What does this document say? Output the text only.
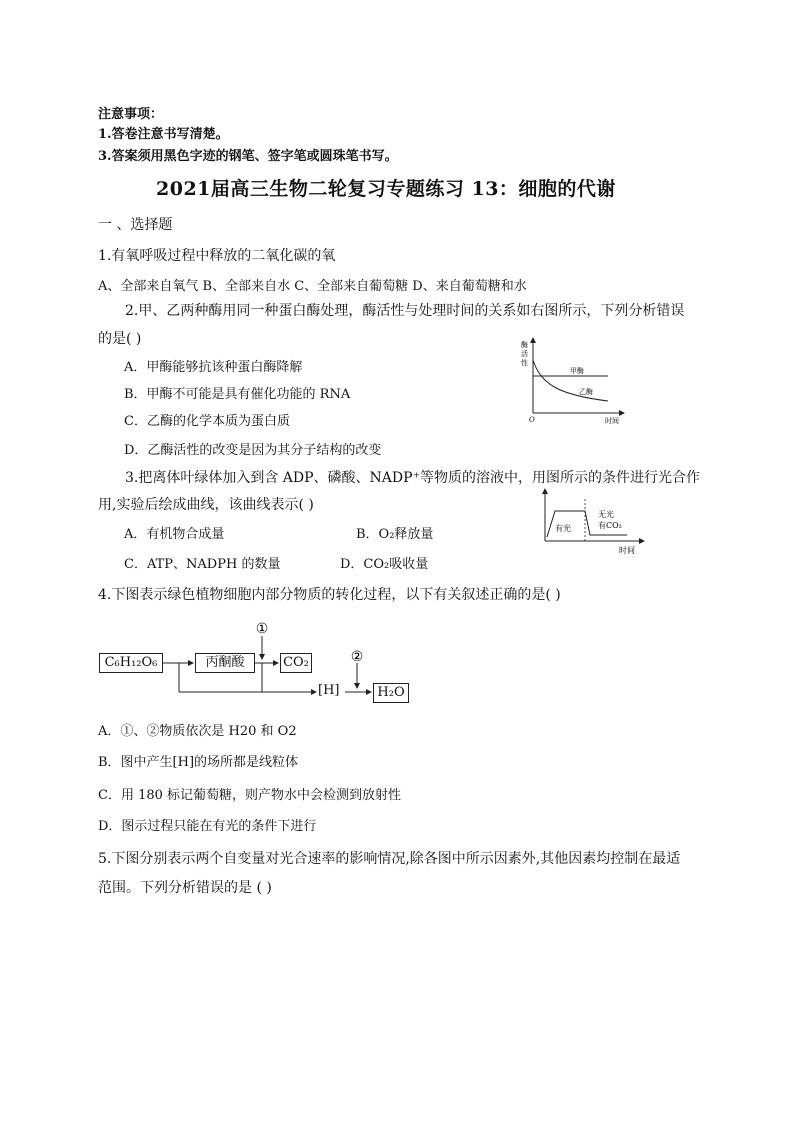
注意事项：
1.答卷注意书写清楚。
3.答案须用黑色字迹的钢笔、签字笔或圆珠笔书写。
2021届高三生物二轮复习专题练习 13：细胞的代谢
一 、选择题
1.有氧呼吸过程中释放的二氧化碳的氧
A、全部来自氧气 B、全部来自水 C、全部来自葡萄糖 D、来自葡萄糖和水
2.甲、乙两种酶用同一种蛋白酶处理，酶活性与处理时间的关系如右图所示，下列分析错误
的是( )
A．甲酶能够抗该种蛋白酶降解
B．甲酶不可能是具有催化功能的 RNA
C．乙酶的化学本质为蛋白质
D．乙酶活性的改变是因为其分子结构的改变
甲酶
乙酶
O	时间
酶
活
性
3.把离体叶绿体加入到含 ADP、磷酸、NADP⁺等物质的溶液中，用图所示的条件进行光合作
用,实验后绘成曲线，该曲线表示( )
A．有机物合成量	B．O₂释放量
C．ATP、NADPH 的数量	D．CO₂吸收量
有光
无光
有CO₂
时间
4.下图表示绿色植物细胞内部分物质的转化过程，以下有关叙述正确的是( )
①
②
C₆H₁₂O₆	丙酮酸	CO₂
[H]	H₂O
A．①、②物质依次是 H20 和 O2
B．图中产生[H]的场所都是线粒体
C．用 180 标记葡萄糖，则产物水中会检测到放射性
D．图示过程只能在有光的条件下进行
5.下图分别表示两个自变量对光合速率的影响情况,除各图中所示因素外,其他因素均控制在最适
范围。下列分析错误的是 ( )
